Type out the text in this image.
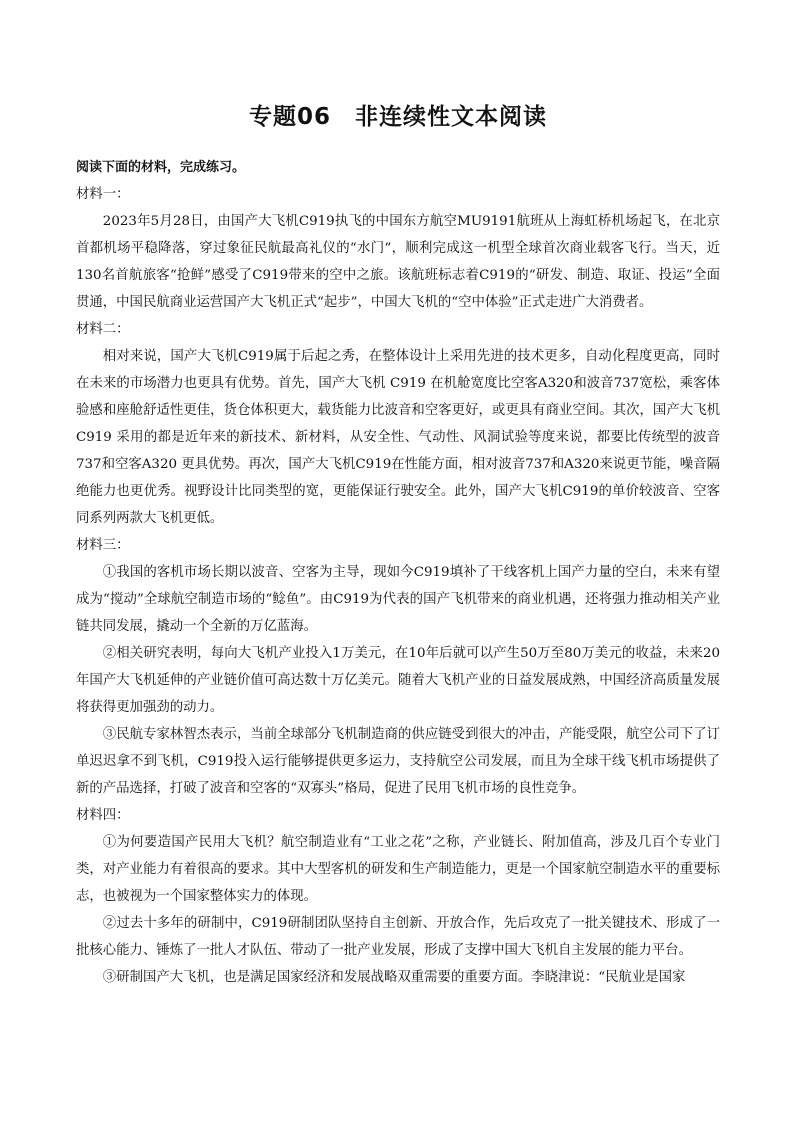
专题06　非连续性文本阅读

阅读下面的材料，完成练习。

材料一：

2023年5月28日，由国产大飞机C919执飞的中国东方航空MU9191航班从上海虹桥机场起飞，在北京首都机场平稳降落，穿过象征民航最高礼仪的“水门”，顺利完成这一机型全球首次商业载客飞行。当天，近130名首航旅客“抢鲜”感受了C919带来的空中之旅。该航班标志着C919的“研发、制造、取证、投运”全面贯通，中国民航商业运营国产大飞机正式“起步”，中国大飞机的“空中体验”正式走进广大消费者。

材料二：

相对来说，国产大飞机C919属于后起之秀，在整体设计上采用先进的技术更多，自动化程度更高，同时在未来的市场潜力也更具有优势。首先，国产大飞机 C919 在机舱宽度比空客A320和波音737宽松，乘客体验感和座舱舒适性更佳，货仓体积更大，载货能力比波音和空客更好，或更具有商业空间。其次，国产大飞机 C919 采用的都是近年来的新技术、新材料，从安全性、气动性、风洞试验等度来说，都要比传统型的波音737和空客A320 更具优势。再次，国产大飞机C919在性能方面，相对波音737和A320来说更节能，噪音隔绝能力也更优秀。视野设计比同类型的宽，更能保证行驶安全。此外，国产大飞机C919的单价较波音、空客同系列两款大飞机更低。

材料三：

①我国的客机市场长期以波音、空客为主导，现如今C919填补了干线客机上国产力量的空白，未来有望成为“搅动”全球航空制造市场的“鲶鱼”。由C919为代表的国产飞机带来的商业机遇，还将强力推动相关产业链共同发展，撬动一个全新的万亿蓝海。

②相关研究表明，每向大飞机产业投入1万美元，在10年后就可以产生50万至80万美元的收益，未来20年国产大飞机延伸的产业链价值可高达数十万亿美元。随着大飞机产业的日益发展成熟，中国经济高质量发展将获得更加强劲的动力。

③民航专家林智杰表示，当前全球部分飞机制造商的供应链受到很大的冲击，产能受限，航空公司下了订单迟迟拿不到飞机，C919投入运行能够提供更多运力，支持航空公司发展，而且为全球干线飞机市场提供了新的产品选择，打破了波音和空客的“双寡头”格局，促进了民用飞机市场的良性竞争。

材料四：

①为何要造国产民用大飞机？航空制造业有“工业之花”之称，产业链长、附加值高，涉及几百个专业门类，对产业能力有着很高的要求。其中大型客机的研发和生产制造能力，更是一个国家航空制造水平的重要标志，也被视为一个国家整体实力的体现。

②过去十多年的研制中，C919研制团队坚持自主创新、开放合作，先后攻克了一批关键技术、形成了一批核心能力、锤炼了一批人才队伍、带动了一批产业发展，形成了支撑中国大飞机自主发展的能力平台。

③研制国产大飞机，也是满足国家经济和发展战略双重需要的重要方面。李晓津说：“民航业是国家
